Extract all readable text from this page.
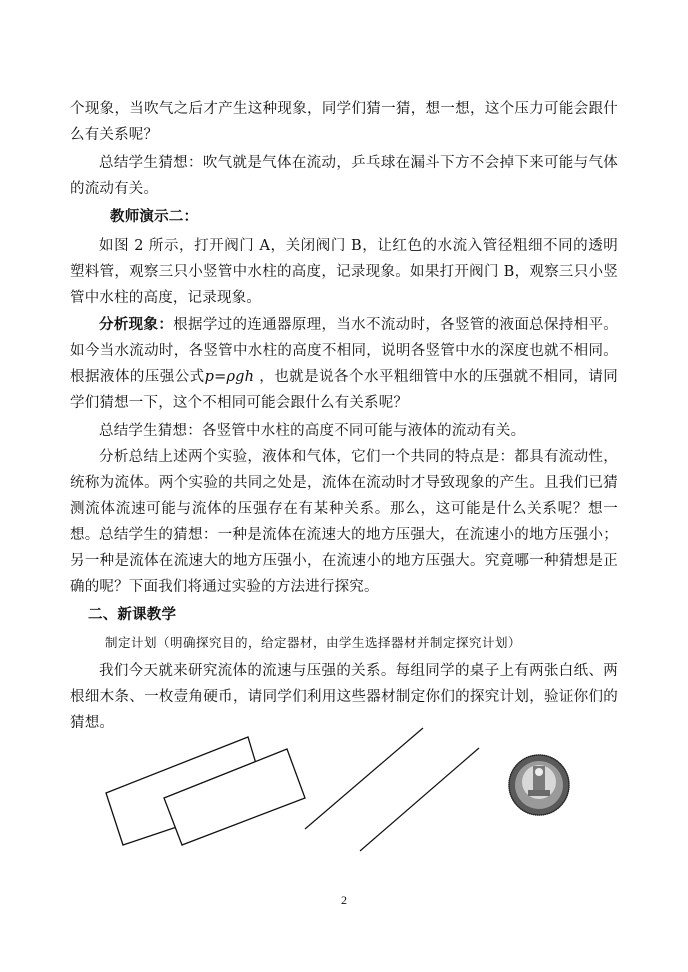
个现象，当吹气之后才产生这种现象，同学们猜一猜，想一想，这个压力可能会跟什么有关系呢？
总结学生猜想：吹气就是气体在流动，乒乓球在漏斗下方不会掉下来可能与气体的流动有关。
教师演示二：
如图 2 所示，打开阀门 A，关闭阀门 B，让红色的水流入管径粗细不同的透明塑料管，观察三只小竖管中水柱的高度，记录现象。如果打开阀门 B，观察三只小竖管中水柱的高度，记录现象。
分析现象：根据学过的连通器原理，当水不流动时，各竖管的液面总保持相平。如今当水流动时，各竖管中水柱的高度不相同，说明各竖管中水的深度也就不相同。根据液体的压强公式p=ρgh ，也就是说各个水平粗细管中水的压强就不相同，请同学们猜想一下，这个不相同可能会跟什么有关系呢？
总结学生猜想：各竖管中水柱的高度不同可能与液体的流动有关。
分析总结上述两个实验，液体和气体，它们一个共同的特点是：都具有流动性，统称为流体。两个实验的共同之处是，流体在流动时才导致现象的产生。且我们已猜测流体流速可能与流体的压强存在有某种关系。那么，这可能是什么关系呢？想一想。 总结学生的猜想：一种是流体在流速大的地方压强大，在流速小的地方压强小；另一种是流体在流速大的地方压强小，在流速小的地方压强大。究竟哪一种猜想是正确的呢？下面我们将通过实验的方法进行探究。
二、新课教学
制定计划（明确探究目的，给定器材，由学生选择器材并制定探究计划）
我们今天就来研究流体的流速与压强的关系。每组同学的桌子上有两张白纸、两根细木条、一枚壹角硬币，请同学们利用这些器材制定你们的探究计划，验证你们的猜想。
2
